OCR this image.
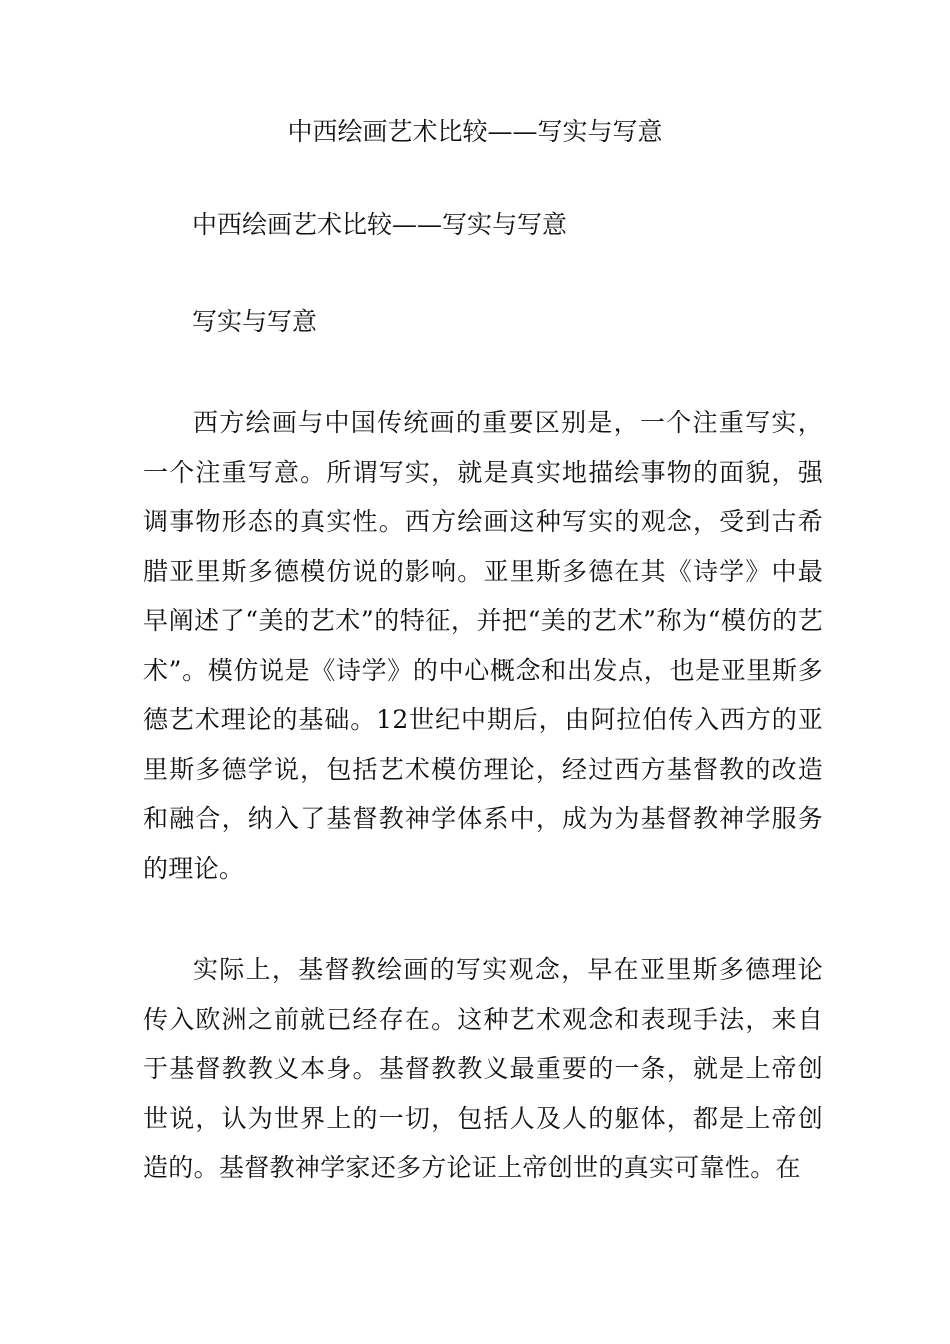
中西绘画艺术比较——写实与写意
中西绘画艺术比较——写实与写意
写实与写意

西方绘画与中国传统画的重要区别是，一个注重写实，一个注重写意。所谓写实，就是真实地描绘事物的面貌，强调事物形态的真实性。西方绘画这种写实的观念，受到古希腊亚里斯多德模仿说的影响。亚里斯多德在其《诗学》中最早阐述了“美的艺术”的特征，并把“美的艺术”称为“模仿的艺术”。模仿说是《诗学》的中心概念和出发点，也是亚里斯多德艺术理论的基础。12世纪中期后，由阿拉伯传入西方的亚里斯多德学说，包括艺术模仿理论，经过西方基督教的改造和融合，纳入了基督教神学体系中，成为为基督教神学服务的理论。

实际上，基督教绘画的写实观念，早在亚里斯多德理论传入欧洲之前就已经存在。这种艺术观念和表现手法，来自于基督教教义本身。基督教教义最重要的一条，就是上帝创世说，认为世界上的一切，包括人及人的躯体，都是上帝创造的。基督教神学家还多方论证上帝创世的真实可靠性。在
